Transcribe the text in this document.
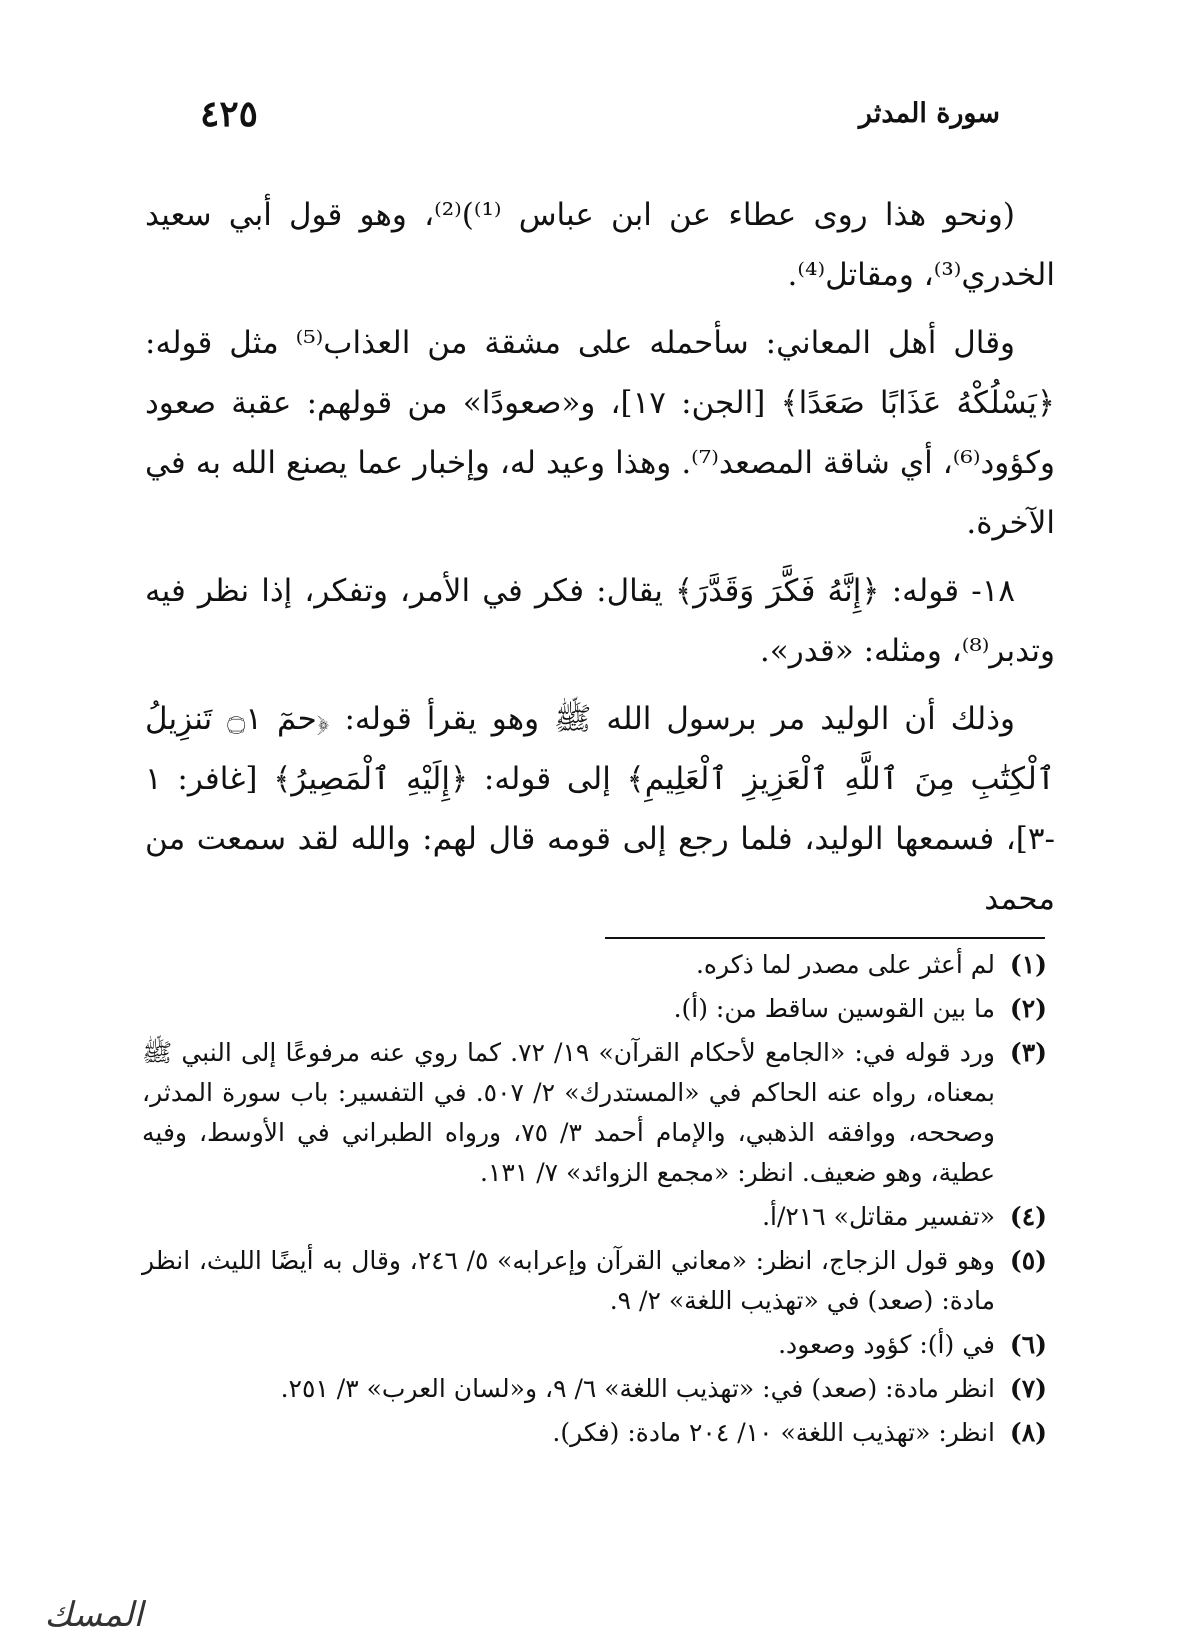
سورة المدثر
٤٢٥

(ونحو هذا روى عطاء عن ابن عباس ⁽¹⁾)⁽²⁾، وهو قول أبي سعيد الخدري⁽³⁾، ومقاتل⁽⁴⁾.

وقال أهل المعاني: سأحمله على مشقة من العذاب⁽⁵⁾ مثل قوله: ﴿يَسْلُكْهُ عَذَابًا صَعَدًا﴾ [الجن: ١٧]، و«صعودًا» من قولهم: عقبة صعود وكؤود⁽⁶⁾، أي شاقة المصعد⁽⁷⁾. وهذا وعيد له، وإخبار عما يصنع الله به في الآخرة.

١٨- قوله: ﴿إِنَّهُ فَكَّرَ وَقَدَّرَ﴾ يقال: فكر في الأمر، وتفكر، إذا نظر فيه وتدبر⁽⁸⁾، ومثله: «قدر».

وذلك أن الوليد مر برسول الله ﷺ وهو يقرأ قوله: ﴿حمٓ ۝١ تَنزِيلُ ٱلْكِتَٰبِ مِنَ ٱللَّهِ ٱلْعَزِيزِ ٱلْعَلِيمِ﴾ إلى قوله: ﴿إِلَيْهِ ٱلْمَصِيرُ﴾ [غافر: ١ -٣]، فسمعها الوليد، فلما رجع إلى قومه قال لهم: والله لقد سمعت من محمد

(١)
لم أعثر على مصدر لما ذكره.
(٢)
ما بين القوسين ساقط من: (أ).
(٣)
ورد قوله في: «الجامع لأحكام القرآن» ١٩/ ٧٢. كما روي عنه مرفوعًا إلى النبي ﷺ بمعناه، رواه عنه الحاكم في «المستدرك» ٢/ ٥٠٧. في التفسير: باب سورة المدثر، وصححه، ووافقه الذهبي، والإمام أحمد ٣/ ٧٥، ورواه الطبراني في الأوسط، وفيه عطية، وهو ضعيف. انظر: «مجمع الزوائد» ٧/ ١٣١.
(٤)
«تفسير مقاتل» ٢١٦/أ.
(٥)
وهو قول الزجاج، انظر: «معاني القرآن وإعرابه» ٥/ ٢٤٦، وقال به أيضًا الليث، انظر مادة: (صعد) في «تهذيب اللغة» ٢/ ٩.
(٦)
في (أ): كؤود وصعود.
(٧)
انظر مادة: (صعد) في: «تهذيب اللغة» ٦/ ٩، و«لسان العرب» ٣/ ٢٥١.
(٨)
انظر: «تهذيب اللغة» ١٠/ ٢٠٤ مادة: (فكر).
المسك
